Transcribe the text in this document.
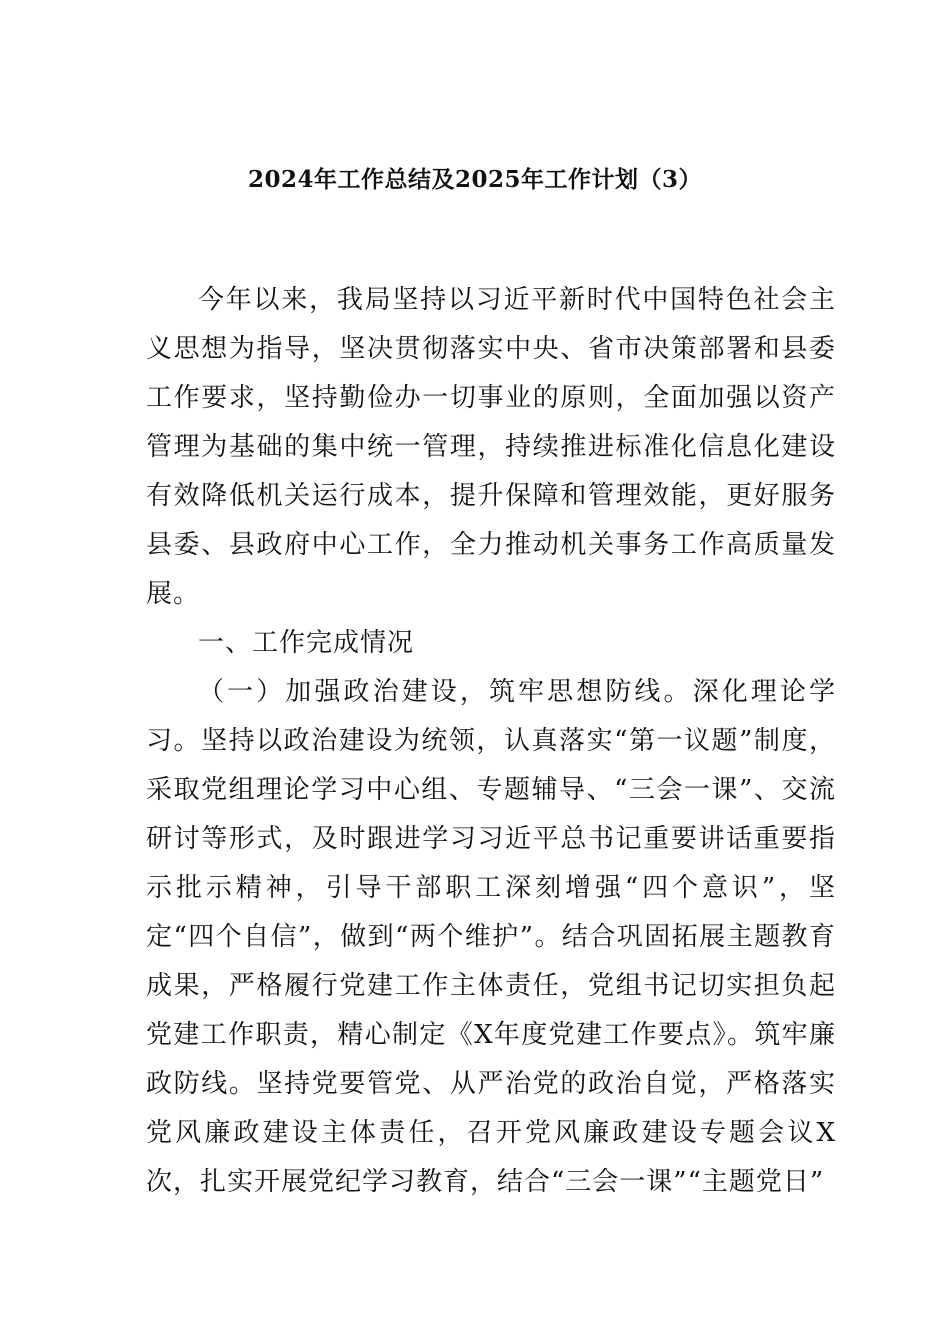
2024年工作总结及2025年工作计划（3）

今年以来，我局坚持以习近平新时代中国特色社会主义思想为指导，坚决贯彻落实中央、省市决策部署和县委工作要求，坚持勤俭办一切事业的原则，全面加强以资产管理为基础的集中统一管理，持续推进标准化信息化建设有效降低机关运行成本，提升保障和管理效能，更好服务县委、县政府中心工作，全力推动机关事务工作高质量发展。

一、工作完成情况

（一）加强政治建设，筑牢思想防线。深化理论学习。坚持以政治建设为统领，认真落实“第一议题”制度，采取党组理论学习中心组、专题辅导、“三会一课”、交流研讨等形式，及时跟进学习习近平总书记重要讲话重要指示批示精神，引导干部职工深刻增强“四个意识”，坚定“四个自信”，做到“两个维护”。结合巩固拓展主题教育成果，严格履行党建工作主体责任，党组书记切实担负起党建工作职责，精心制定《X年度党建工作要点》。筑牢廉政防线。坚持党要管党、从严治党的政治自觉，严格落实党风廉政建设主体责任，召开党风廉政建设专题会议X次，扎实开展党纪学习教育，结合“三会一课”“主题党日”
